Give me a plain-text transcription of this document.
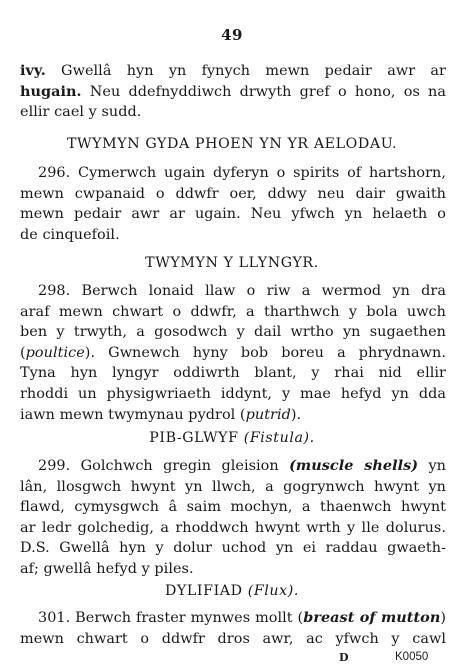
49
ivy. Gwellâ hyn yn fynych mewn pedair awr ar
hugain. Neu ddefnyddiwch drwyth gref o hono, os na
ellir cael y sudd.
TWYMYN GYDA PHOEN YN YR AELODAU.
296. Cymerwch ugain dyferyn o spirits of hartshorn,
mewn cwpanaid o ddwfr oer, ddwy neu dair gwaith
mewn pedair awr ar ugain. Neu yfwch yn helaeth o
de cinquefoil.
TWYMYN Y LLYNGYR.
298. Berwch lonaid llaw o riw a wermod yn dra
araf mewn chwart o ddwfr, a tharthwch y bola uwch
ben y trwyth, a gosodwch y dail wrtho yn sugaethen
(poultice). Gwnewch hyny bob boreu a phrydnawn.
Tyna hyn lyngyr oddiwrth blant, y rhai nid ellir
rhoddi un physigwriaeth iddynt, y mae hefyd yn dda
iawn mewn twymynau pydrol (putrid).
PIB-GLWYF (Fistula).
299. Golchwch gregin gleision (muscle shells) yn
lân, llosgwch hwynt yn llwch, a gogrynwch hwynt yn
flawd, cymysgwch â saim mochyn, a thaenwch hwynt
ar ledr golchedig, a rhoddwch hwynt wrth y lle dolurus.
D.S. Gwellâ hyn y dolur uchod yn ei raddau gwaeth-
af; gwellâ hefyd y piles.
DYLIFIAD (Flux).
301. Berwch fraster mynwes mollt (breast of mutton)
mewn chwart o ddwfr dros awr, ac yfwch y cawl
D	K0050
